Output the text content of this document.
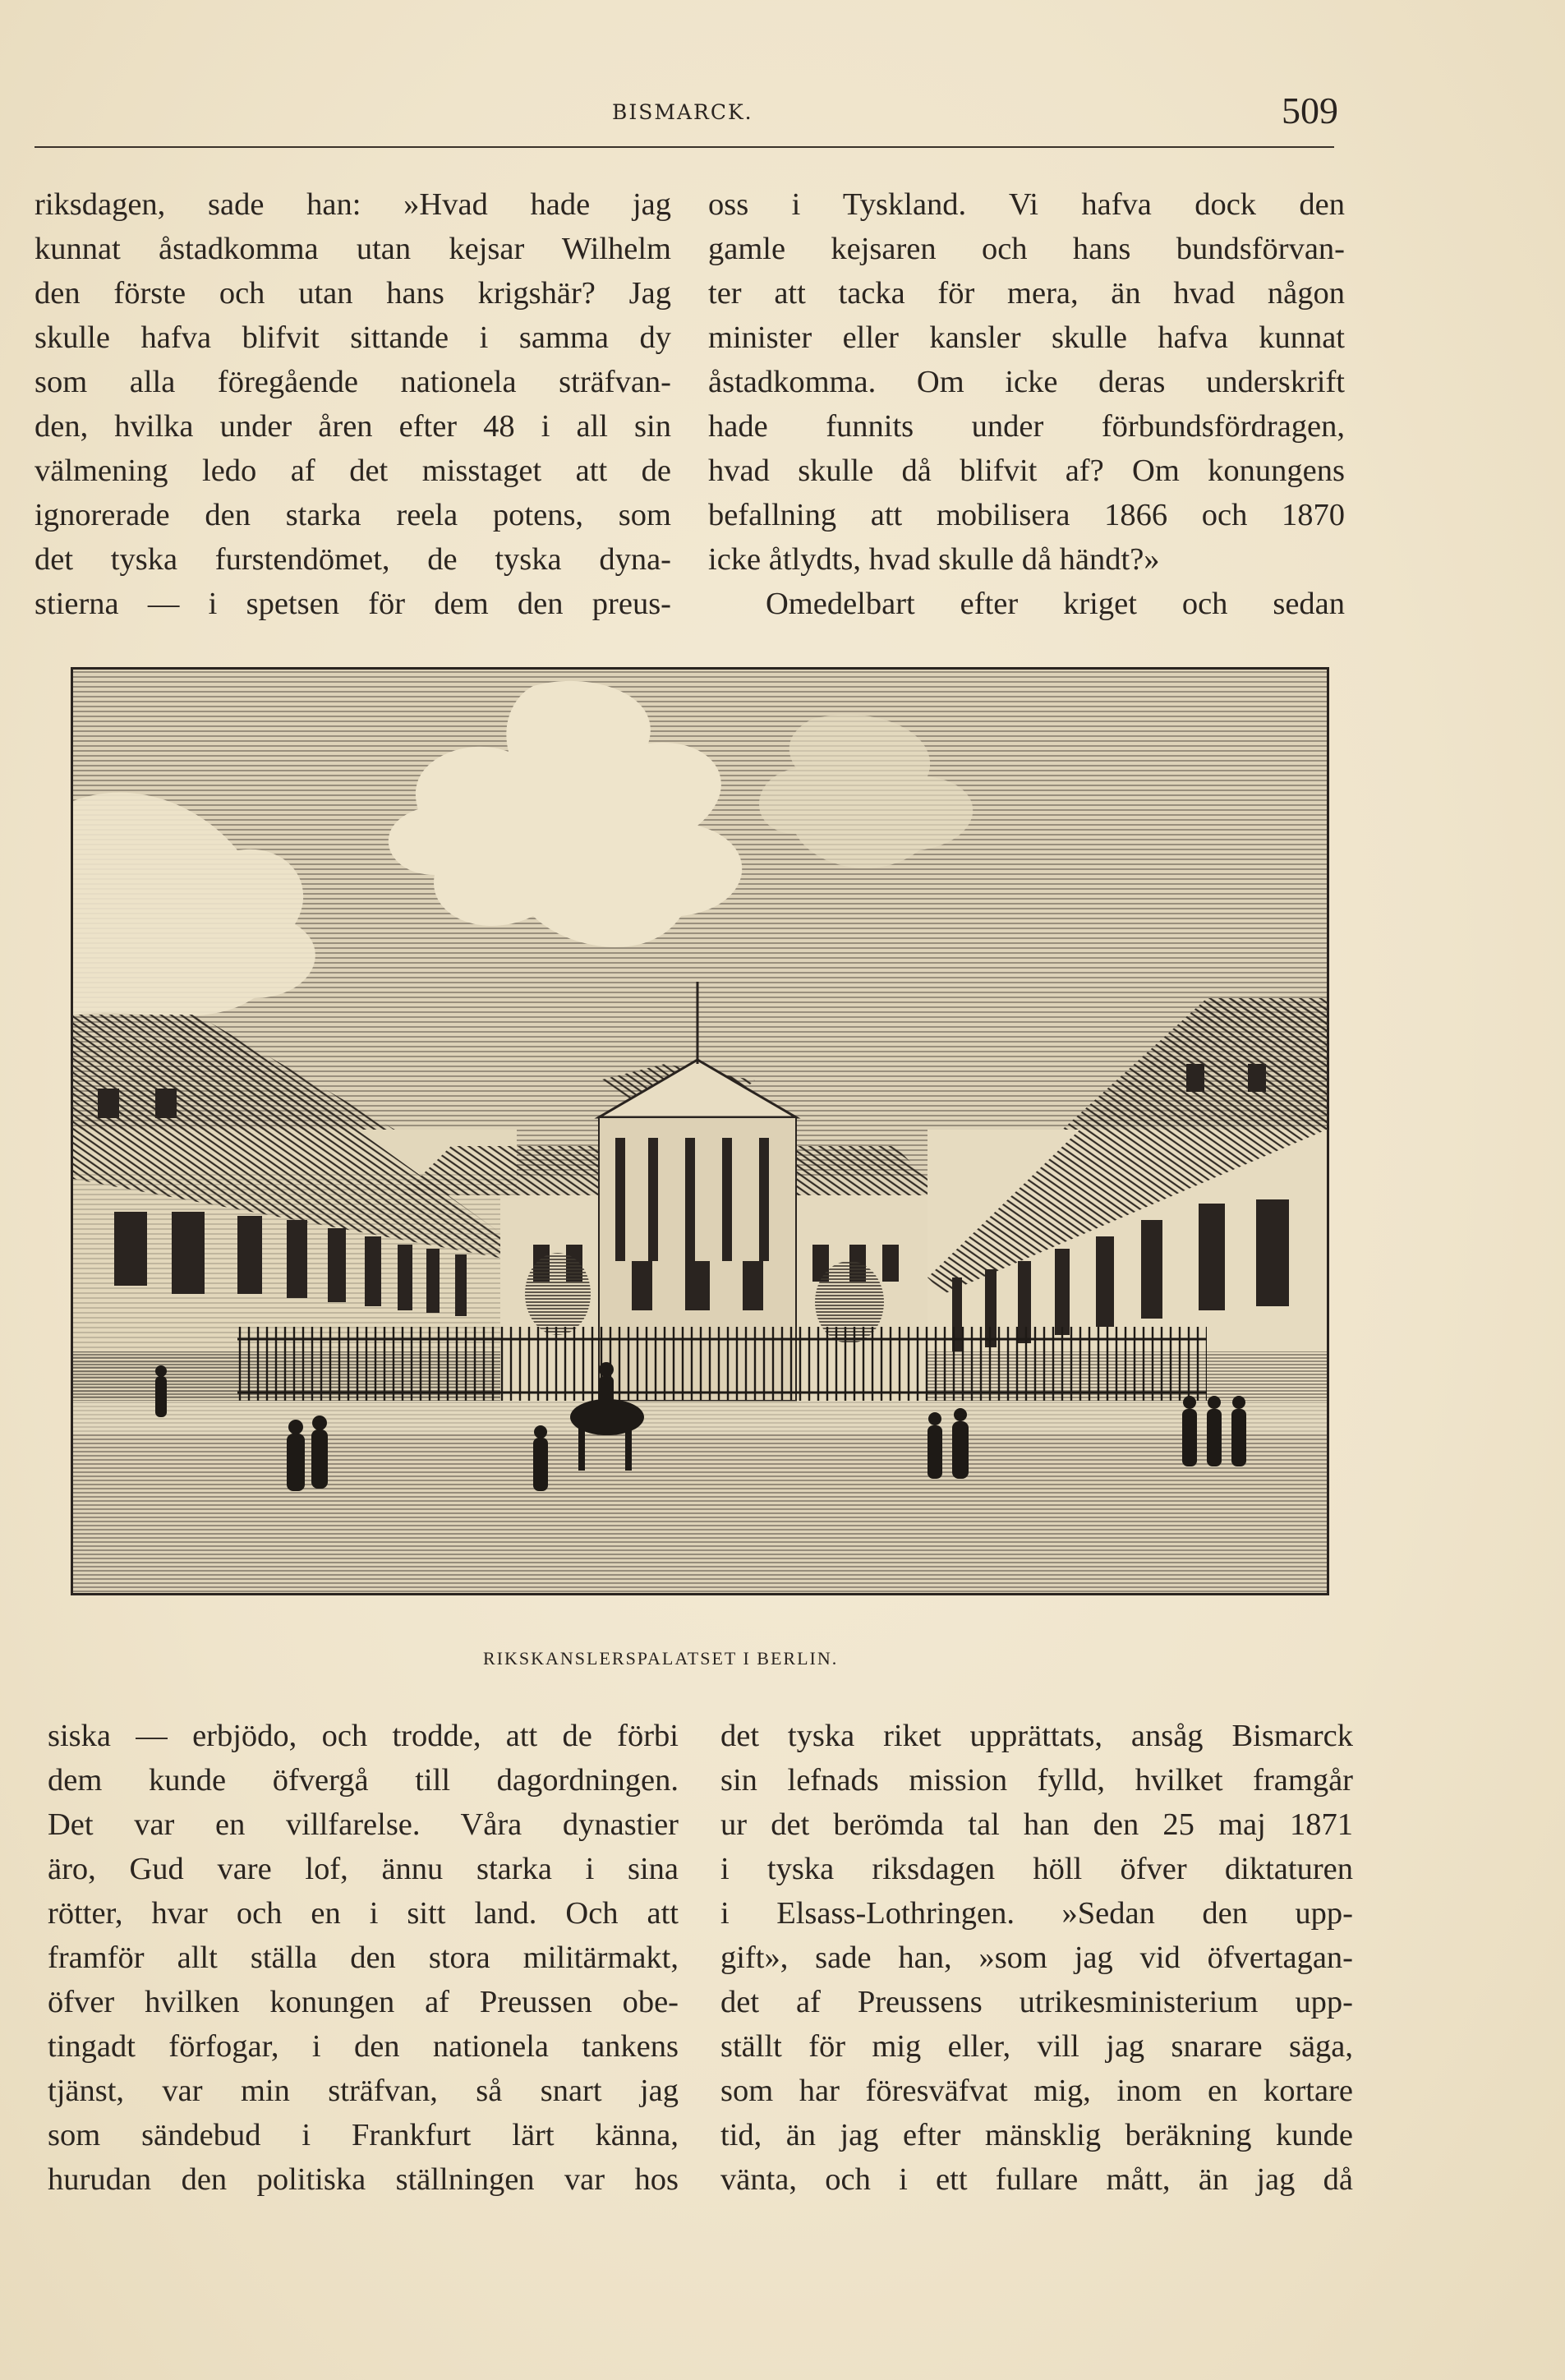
BISMARCK.	509
riksdagen, sade han: »Hvad hade jag
kunnat åstadkomma utan kejsar Wilhelm
den förste och utan hans krigshär? Jag
skulle hafva blifvit sittande i samma dy
som alla föregående nationela sträfvan-
den, hvilka under åren efter 48 i all sin
välmening ledo af det misstaget att de
ignorerade den starka reela potens, som
det tyska furstendömet, de tyska dyna-
stierna — i spetsen för dem den preus-
oss i Tyskland. Vi hafva dock den
gamle kejsaren och hans bundsförvan-
ter att tacka för mera, än hvad någon
minister eller kansler skulle hafva kunnat
åstadkomma. Om icke deras underskrift
hade funnits under förbundsfördragen,
hvad skulle då blifvit af? Om konungens
befallning att mobilisera 1866 och 1870
icke åtlydts, hvad skulle då händt?»
Omedelbart efter kriget och sedan
RIKSKANSLERSPALATSET I BERLIN.
siska — erbjödo, och trodde, att de förbi
dem kunde öfvergå till dagordningen.
Det var en villfarelse. Våra dynastier
äro, Gud vare lof, ännu starka i sina
rötter, hvar och en i sitt land. Och att
framför allt ställa den stora militärmakt,
öfver hvilken konungen af Preussen obe-
tingadt förfogar, i den nationela tankens
tjänst, var min sträfvan, så snart jag
som sändebud i Frankfurt lärt känna,
hurudan den politiska ställningen var hos
det tyska riket upprättats, ansåg Bismarck
sin lefnads mission fylld, hvilket framgår
ur det berömda tal han den 25 maj 1871
i tyska riksdagen höll öfver diktaturen
i Elsass-Lothringen. »Sedan den upp-
gift», sade han, »som jag vid öfvertagan-
det af Preussens utrikesministerium upp-
ställt för mig eller, vill jag snarare säga,
som har föresväfvat mig, inom en kortare
tid, än jag efter mänsklig beräkning kunde
vänta, och i ett fullare mått, än jag då
